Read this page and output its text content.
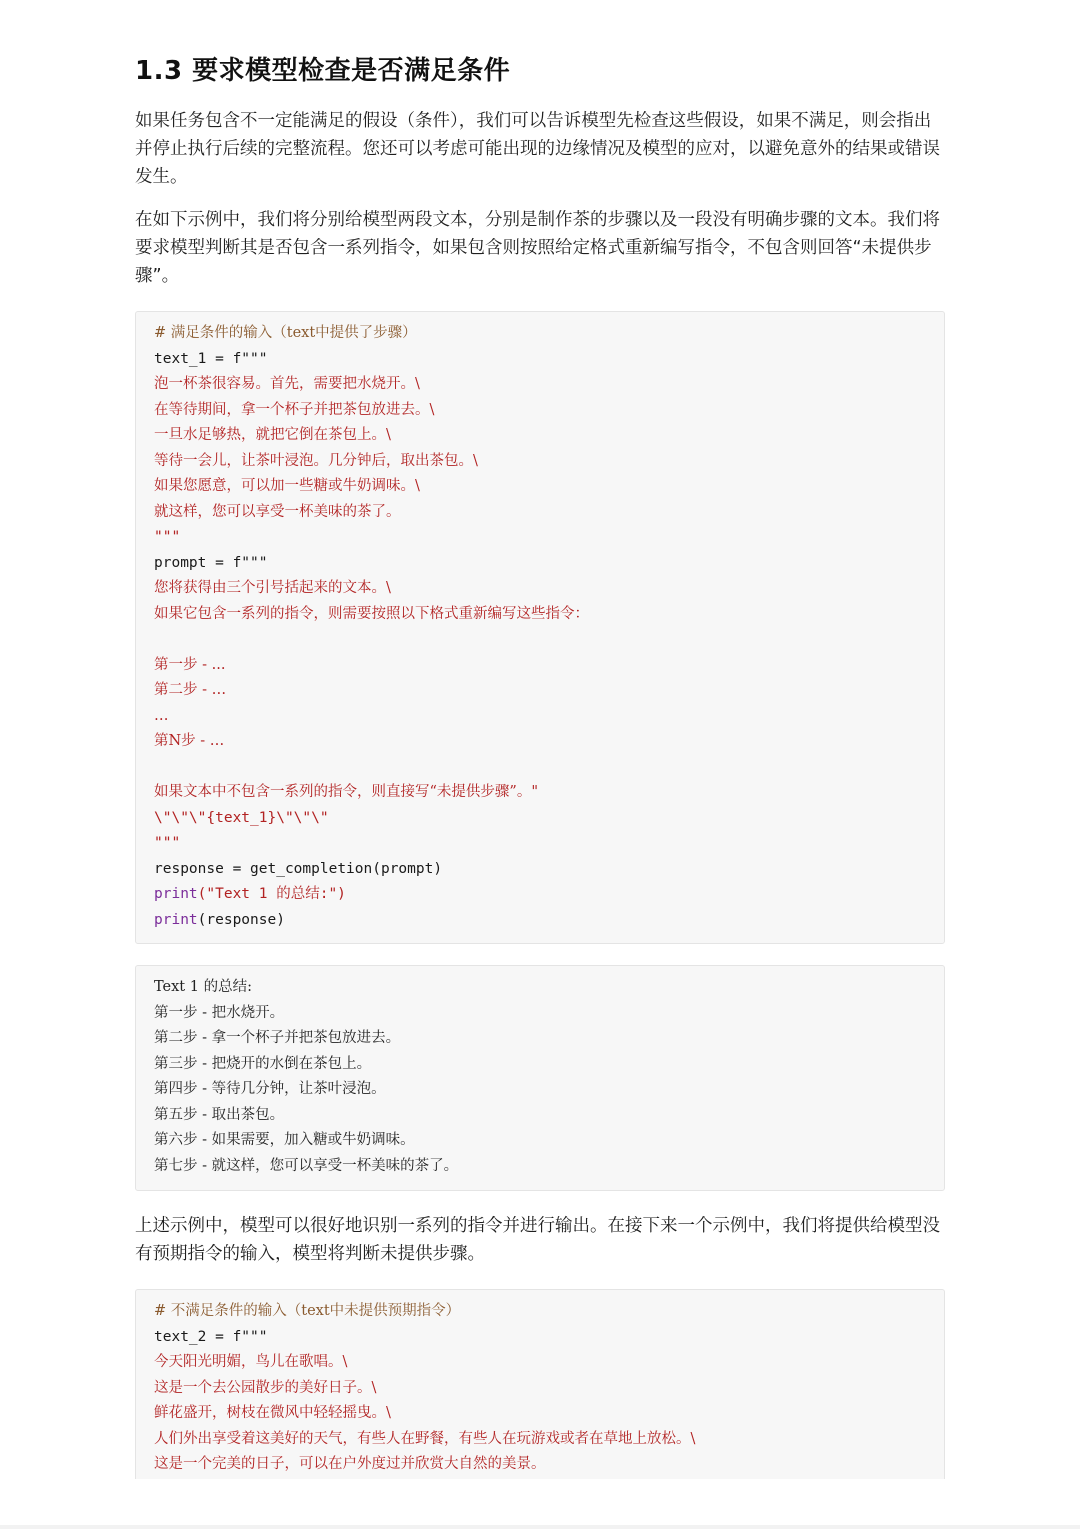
1.3 要求模型检查是否满足条件

如果任务包含不一定能满足的假设（条件），我们可以告诉模型先检查这些假设，如果不满足，则会指出并停止执行后续的完整流程。您还可以考虑可能出现的边缘情况及模型的应对，以避免意外的结果或错误发生。

在如下示例中，我们将分别给模型两段文本，分别是制作茶的步骤以及一段没有明确步骤的文本。我们将要求模型判断其是否包含一系列指令，如果包含则按照给定格式重新编写指令，不包含则回答“未提供步骤”。

# 满足条件的输入（text中提供了步骤）
text_1 = f"""
泡一杯茶很容易。首先，需要把水烧开。\
在等待期间，拿一个杯子并把茶包放进去。\
一旦水足够热，就把它倒在茶包上。\
等待一会儿，让茶叶浸泡。几分钟后，取出茶包。\
如果您愿意，可以加一些糖或牛奶调味。\
就这样，您可以享受一杯美味的茶了。
"""
prompt = f"""
您将获得由三个引号括起来的文本。\
如果它包含一系列的指令，则需要按照以下格式重新编写这些指令：
第一步 - ...
第二步 - …
…
第N步 - …
如果文本中不包含一系列的指令，则直接写“未提供步骤”。"
\"\"\"{text_1}\"\"\"
"""
response = get_completion(prompt)
print("Text 1 的总结:")
print(response)
Text 1 的总结:
第一步 - 把水烧开。
第二步 - 拿一个杯子并把茶包放进去。
第三步 - 把烧开的水倒在茶包上。
第四步 - 等待几分钟，让茶叶浸泡。
第五步 - 取出茶包。
第六步 - 如果需要，加入糖或牛奶调味。
第七步 - 就这样，您可以享受一杯美味的茶了。

上述示例中，模型可以很好地识别一系列的指令并进行输出。在接下来一个示例中，我们将提供给模型没有预期指令的输入，模型将判断未提供步骤。

# 不满足条件的输入（text中未提供预期指令）
text_2 = f"""
今天阳光明媚，鸟儿在歌唱。\
这是一个去公园散步的美好日子。\
鲜花盛开，树枝在微风中轻轻摇曳。\
人们外出享受着这美好的天气，有些人在野餐，有些人在玩游戏或者在草地上放松。\
这是一个完美的日子，可以在户外度过并欣赏大自然的美景。
